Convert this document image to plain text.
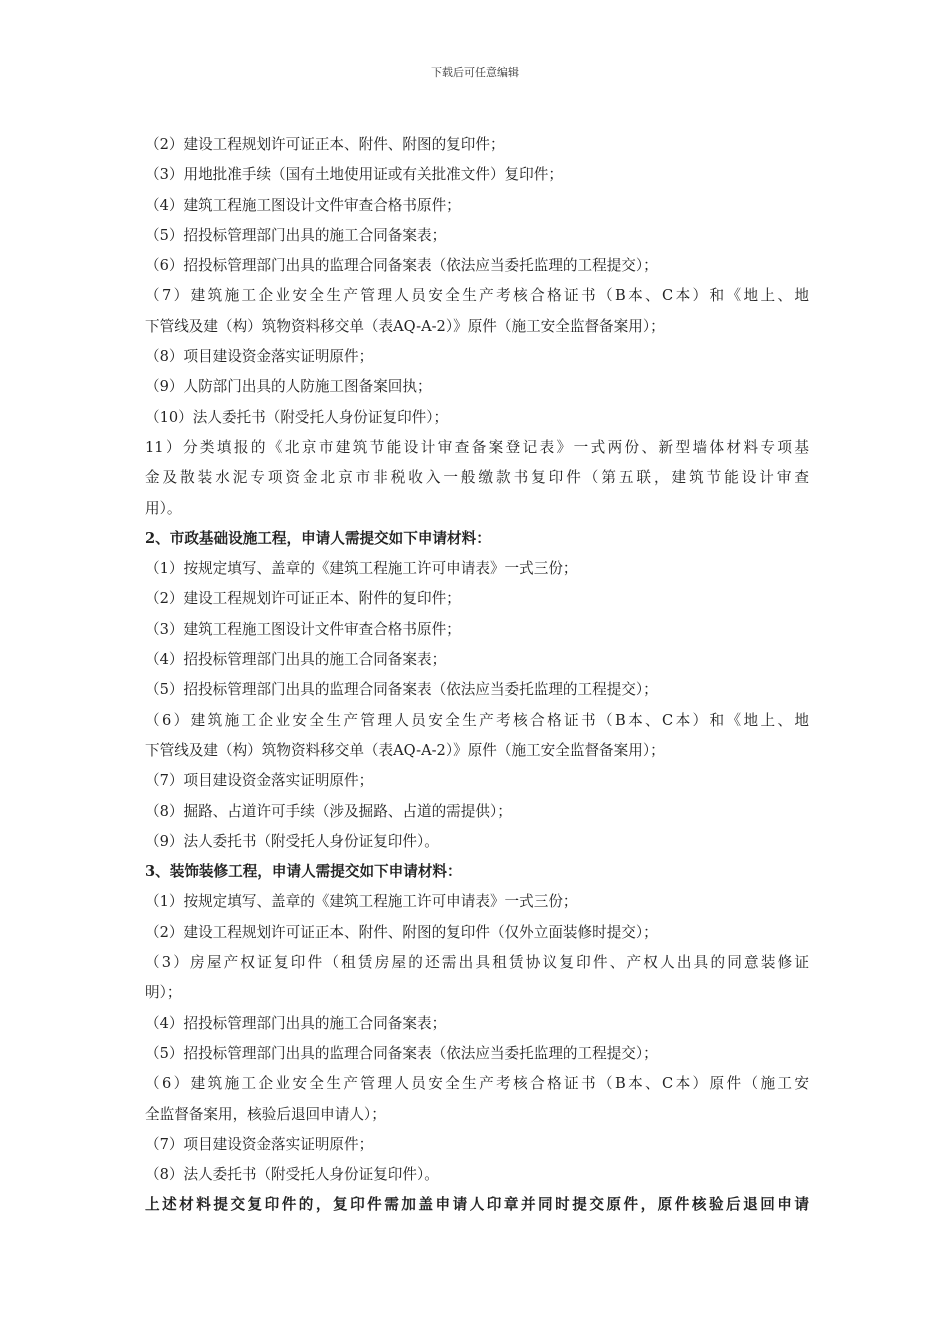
下载后可任意编辑
（2）建设工程规划许可证正本、附件、附图的复印件；
（3）用地批准手续（国有土地使用证或有关批准文件）复印件；
（4）建筑工程施工图设计文件审查合格书原件；
（5）招投标管理部门出具的施工合同备案表；
（6）招投标管理部门出具的监理合同备案表（依法应当委托监理的工程提交）；
（7）建筑施工企业安全生产管理人员安全生产考核合格证书（B本、C本）和《地上、地
下管线及建（构）筑物资料移交单（表AQ-A-2）》原件（施工安全监督备案用）；
（8）项目建设资金落实证明原件；
（9）人防部门出具的人防施工图备案回执；
（10）法人委托书（附受托人身份证复印件）；
11）分类填报的《北京市建筑节能设计审查备案登记表》一式两份、新型墙体材料专项基
金及散装水泥专项资金北京市非税收入一般缴款书复印件（第五联，建筑节能设计审查
用）。
2、市政基础设施工程，申请人需提交如下申请材料：
（1）按规定填写、盖章的《建筑工程施工许可申请表》一式三份；
（2）建设工程规划许可证正本、附件的复印件；
（3）建筑工程施工图设计文件审查合格书原件；
（4）招投标管理部门出具的施工合同备案表；
（5）招投标管理部门出具的监理合同备案表（依法应当委托监理的工程提交）；
（6）建筑施工企业安全生产管理人员安全生产考核合格证书（B本、C本）和《地上、地
下管线及建（构）筑物资料移交单（表AQ-A-2）》原件（施工安全监督备案用）；
（7）项目建设资金落实证明原件；
（8）掘路、占道许可手续（涉及掘路、占道的需提供）；
（9）法人委托书（附受托人身份证复印件）。
3、装饰装修工程，申请人需提交如下申请材料：
（1）按规定填写、盖章的《建筑工程施工许可申请表》一式三份；
（2）建设工程规划许可证正本、附件、附图的复印件（仅外立面装修时提交）；
（3）房屋产权证复印件（租赁房屋的还需出具租赁协议复印件、产权人出具的同意装修证
明）；
（4）招投标管理部门出具的施工合同备案表；
（5）招投标管理部门出具的监理合同备案表（依法应当委托监理的工程提交）；
（6）建筑施工企业安全生产管理人员安全生产考核合格证书（B本、C本）原件（施工安
全监督备案用，核验后退回申请人）；
（7）项目建设资金落实证明原件；
（8）法人委托书（附受托人身份证复印件）。
上述材料提交复印件的，复印件需加盖申请人印章并同时提交原件，原件核验后退回申请
